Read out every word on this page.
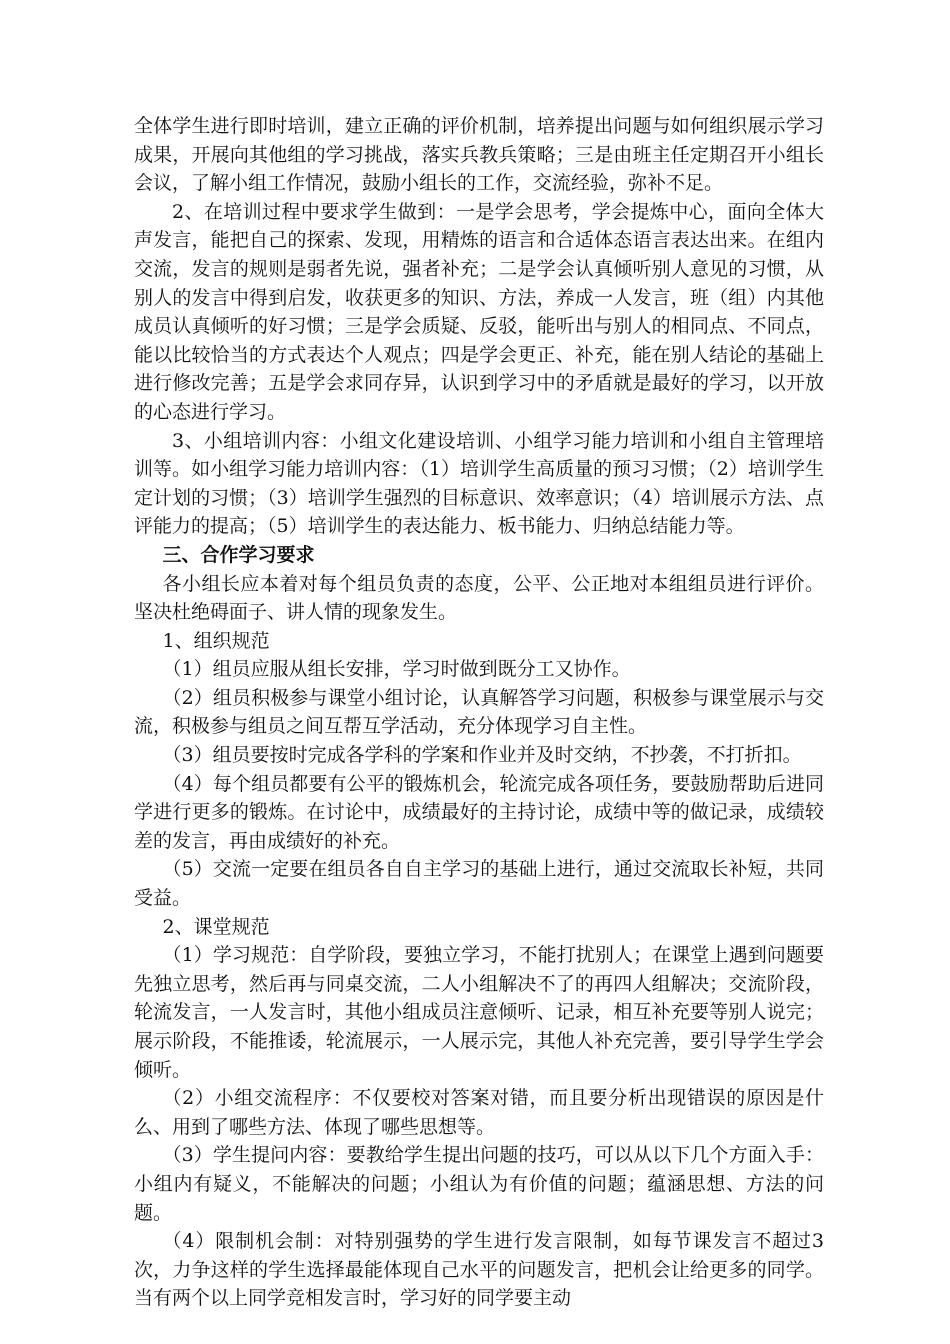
全体学生进行即时培训，建立正确的评价机制，培养提出问题与如何组织展示学习成果，开展向其他组的学习挑战，落实兵教兵策略；三是由班主任定期召开小组长会议，了解小组工作情况，鼓励小组长的工作，交流经验，弥补不足。

2、在培训过程中要求学生做到：一是学会思考，学会提炼中心，面向全体大声发言，能把自己的探索、发现，用精炼的语言和合适体态语言表达出来。在组内交流，发言的规则是弱者先说，强者补充；二是学会认真倾听别人意见的习惯，从别人的发言中得到启发，收获更多的知识、方法，养成一人发言，班（组）内其他成员认真倾听的好习惯；三是学会质疑、反驳，能听出与别人的相同点、不同点，能以比较恰当的方式表达个人观点；四是学会更正、补充，能在别人结论的基础上进行修改完善；五是学会求同存异，认识到学习中的矛盾就是最好的学习，以开放的心态进行学习。

3、小组培训内容：小组文化建设培训、小组学习能力培训和小组自主管理培训等。如小组学习能力培训内容：（1）培训学生高质量的预习习惯；（2）培训学生定计划的习惯；（3）培训学生强烈的目标意识、效率意识；（4）培训展示方法、点评能力的提高；（5）培训学生的表达能力、板书能力、归纳总结能力等。

三、合作学习要求

各小组长应本着对每个组员负责的态度，公平、公正地对本组组员进行评价。坚决杜绝碍面子、讲人情的现象发生。

1、组织规范

（1）组员应服从组长安排，学习时做到既分工又协作。

（2）组员积极参与课堂小组讨论，认真解答学习问题，积极参与课堂展示与交流，积极参与组员之间互帮互学活动，充分体现学习自主性。

（3）组员要按时完成各学科的学案和作业并及时交纳，不抄袭，不打折扣。

（4）每个组员都要有公平的锻炼机会，轮流完成各项任务，要鼓励帮助后进同学进行更多的锻炼。在讨论中，成绩最好的主持讨论，成绩中等的做记录，成绩较差的发言，再由成绩好的补充。

（5）交流一定要在组员各自自主学习的基础上进行，通过交流取长补短，共同受益。

2、课堂规范

（1）学习规范：自学阶段，要独立学习，不能打扰别人；在课堂上遇到问题要先独立思考，然后再与同桌交流，二人小组解决不了的再四人组解决；交流阶段，轮流发言，一人发言时，其他小组成员注意倾听、记录，相互补充要等别人说完；展示阶段，不能推诿，轮流展示，一人展示完，其他人补充完善，要引导学生学会倾听。

（2）小组交流程序：不仅要校对答案对错，而且要分析出现错误的原因是什么、用到了哪些方法、体现了哪些思想等。

（3）学生提问内容：要教给学生提出问题的技巧，可以从以下几个方面入手：小组内有疑义，不能解决的问题；小组认为有价值的问题；蕴涵思想、方法的问题。

（4）限制机会制：对特别强势的学生进行发言限制，如每节课发言不超过3次，力争这样的学生选择最能体现自己水平的问题发言，把机会让给更多的同学。当有两个以上同学竞相发言时，学习好的同学要主动
